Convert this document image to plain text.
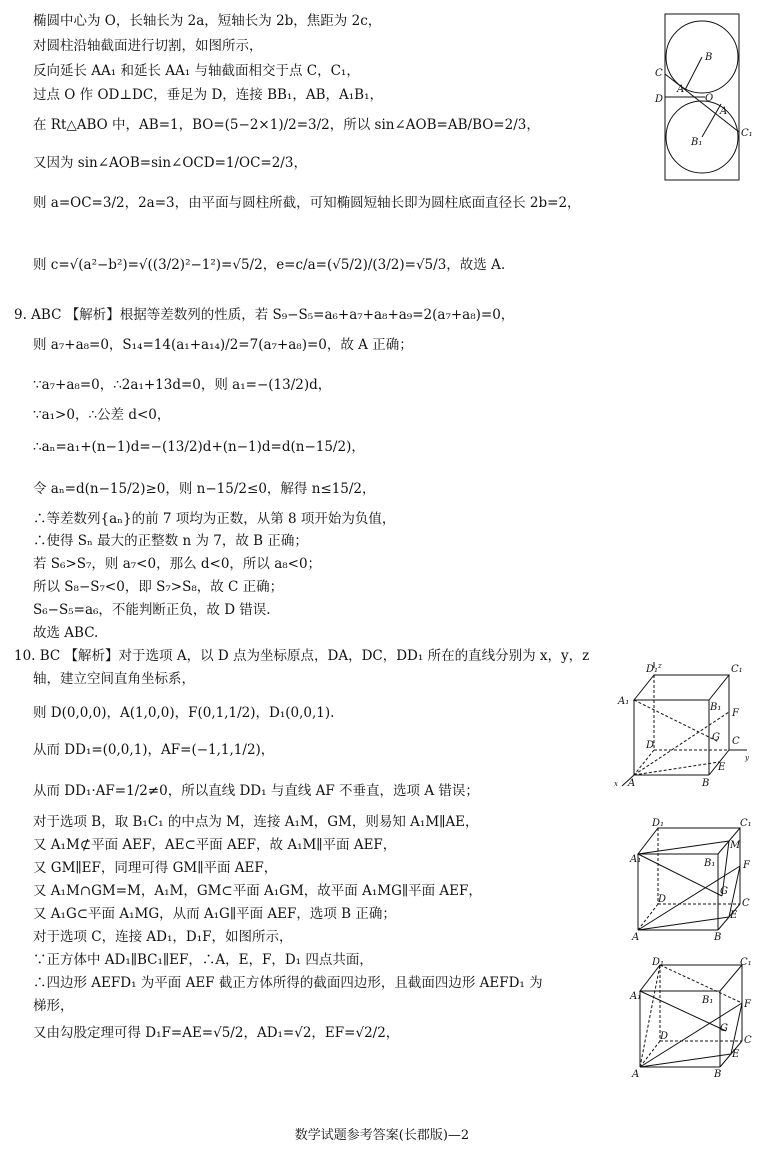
椭圆中心为 O，长轴长为 2a，短轴长为 2b，焦距为 2c，
对圆柱沿轴截面进行切割，如图所示，
反向延长 AA₁ 和延长 AA₁ 与轴截面相交于点 C，C₁，
过点 O 作 OD⊥DC，垂足为 D，连接 BB₁，AB，A₁B₁，
在 Rt△ABO 中，AB=1，BO=(5−2×1)/2=3/2，所以 sin∠AOB=AB/BO=2/3，
又因为 sin∠AOB=sin∠OCD=1/OC=2/3，
则 a=OC=3/2，2a=3，由平面与圆柱所截，可知椭圆短轴长即为圆柱底面直径长 2b=2，
则 c=√(a²−b²)=√((3/2)²−1²)=√5/2，e=c/a=(√5/2)/(3/2)=√5/3，故选 A.
9. ABC 【解析】根据等差数列的性质，若 S₉−S₅=a₆+a₇+a₈+a₉=2(a₇+a₈)=0，
则 a₇+a₈=0，S₁₄=14(a₁+a₁₄)/2=7(a₇+a₈)=0，故 A 正确；
∵a₇+a₈=0，∴2a₁+13d=0，则 a₁=−(13/2)d，
∵a₁>0，∴公差 d<0，
∴aₙ=a₁+(n−1)d=−(13/2)d+(n−1)d=d(n−15/2)，
令 aₙ=d(n−15/2)≥0，则 n−15/2≤0，解得 n≤15/2，
∴等差数列{aₙ}的前 7 项均为正数，从第 8 项开始为负值，
∴使得 Sₙ 最大的正整数 n 为 7，故 B 正确；
若 S₆>S₇，则 a₇<0，那么 d<0，所以 a₈<0；
所以 S₈−S₇<0，即 S₇>S₈，故 C 正确；
S₆−S₅=a₆，不能判断正负，故 D 错误.
故选 ABC.
10. BC 【解析】对于选项 A，以 D 点为坐标原点，DA，DC，DD₁ 所在的直线分别为 x，y，z
轴，建立空间直角坐标系，
则 D(0,0,0)，A(1,0,0)，F(0,1,1/2)，D₁(0,0,1).
从而 DD₁=(0,0,1)，AF=(−1,1,1/2)，
从而 DD₁·AF=1/2≠0，所以直线 DD₁ 与直线 AF 不垂直，选项 A 错误；
对于选项 B，取 B₁C₁ 的中点为 M，连接 A₁M，GM，则易知 A₁M∥AE，
又 A₁M⊄平面 AEF，AE⊂平面 AEF，故 A₁M∥平面 AEF，
又 GM∥EF，同理可得 GM∥平面 AEF，
又 A₁M∩GM=M，A₁M，GM⊂平面 A₁GM，故平面 A₁MG∥平面 AEF，
又 A₁G⊂平面 A₁MG，从而 A₁G∥平面 AEF，选项 B 正确；
对于选项 C，连接 AD₁，D₁F，如图所示，
∵正方体中 AD₁∥BC₁∥EF，∴A，E，F，D₁ 四点共面，
∴四边形 AEFD₁ 为平面 AEF 截正方体所得的截面四边形，且截面四边形 AEFD₁ 为
梯形，
又由勾股定理可得 D₁F=AE=√5/2，AD₁=√2，EF=√2/2，
数学试题参考答案(长郡版)—2
C
D
A
O
B
A
B₁
C₁
z
D₁	C₁
A₁
B₁
F
D
G C
x A
E
B
y
D₁	C₁
A₁	B₁
M
F
G
D
E
C
A	B
D₁	C₁
A₁	B₁	F
G
D	C
E
A	B
